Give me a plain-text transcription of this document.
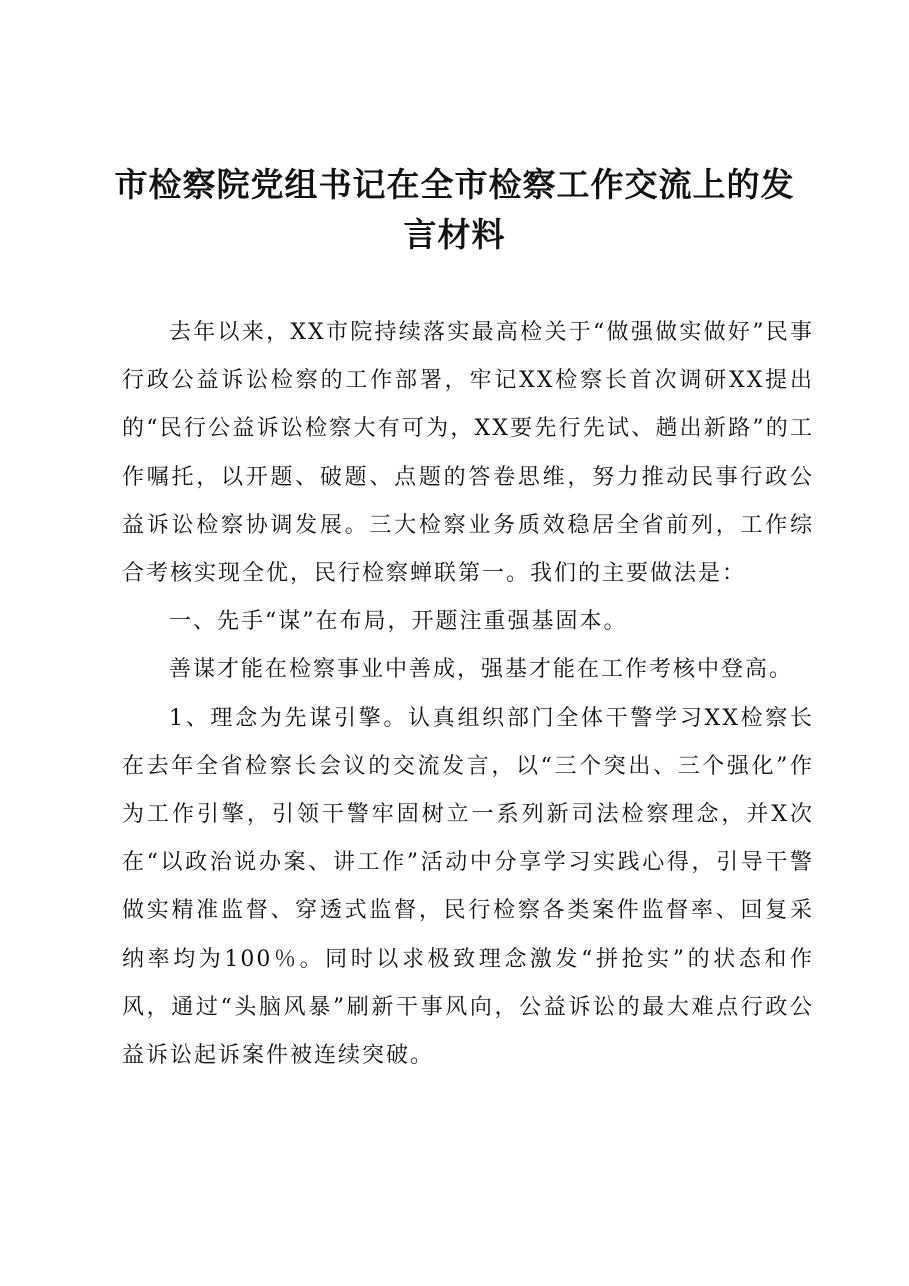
市检察院党组书记在全市检察工作交流上的发言材料

去年以来，XX市院持续落实最高检关于“做强做实做好”民事行政公益诉讼检察的工作部署，牢记XX检察长首次调研XX提出的“民行公益诉讼检察大有可为，XX要先行先试、趟出新路”的工作嘱托，以开题、破题、点题的答卷思维，努力推动民事行政公益诉讼检察协调发展。三大检察业务质效稳居全省前列，工作综合考核实现全优，民行检察蝉联第一。我们的主要做法是：

一、先手“谋”在布局，开题注重强基固本。

善谋才能在检察事业中善成，强基才能在工作考核中登高。

1、理念为先谋引擎。认真组织部门全体干警学习XX检察长在去年全省检察长会议的交流发言，以“三个突出、三个强化”作为工作引擎，引领干警牢固树立一系列新司法检察理念，并X次在“以政治说办案、讲工作”活动中分享学习实践心得，引导干警做实精准监督、穿透式监督，民行检察各类案件监督率、回复采纳率均为100％。同时以求极致理念激发“拼抢实”的状态和作风，通过“头脑风暴”刷新干事风向，公益诉讼的最大难点行政公益诉讼起诉案件被连续突破。
